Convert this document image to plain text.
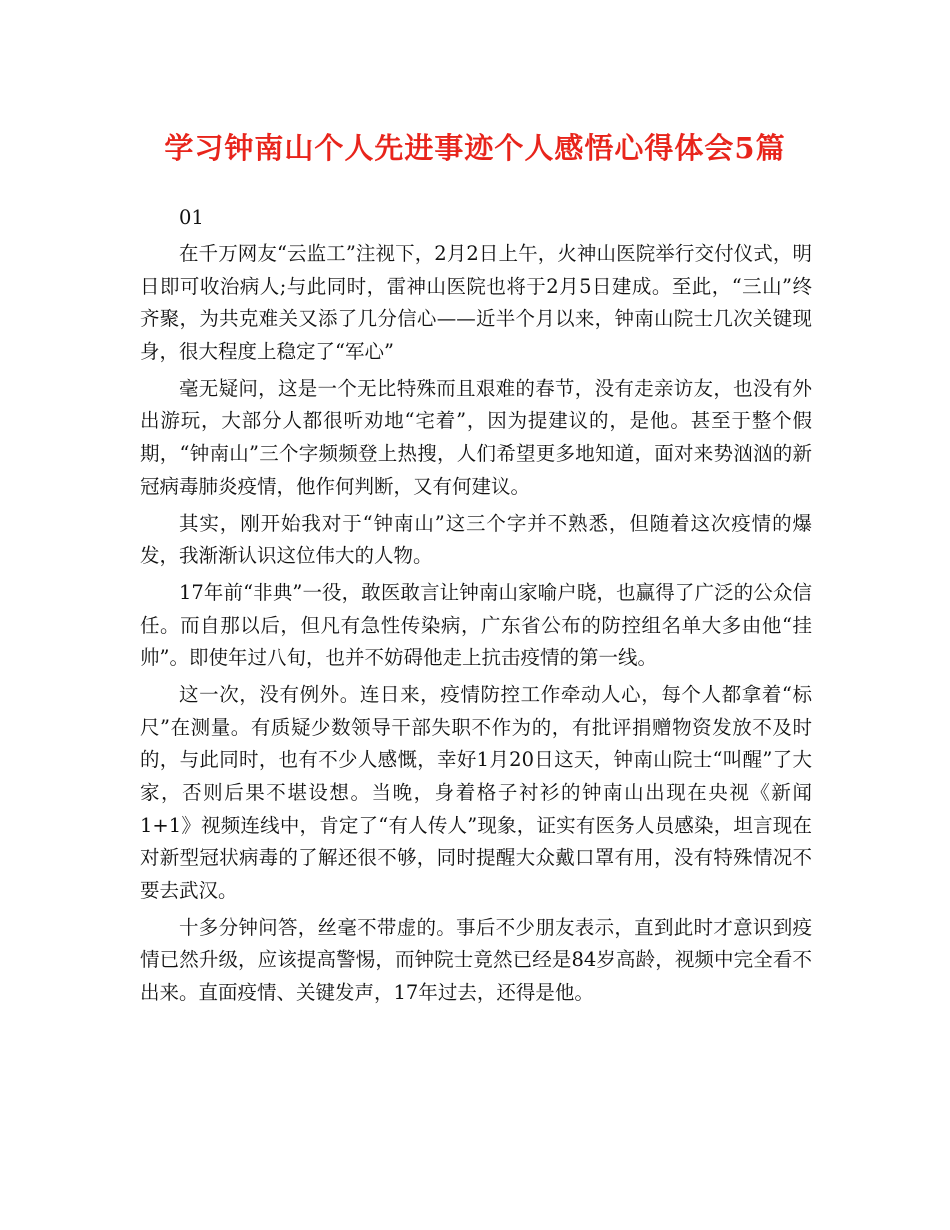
学习钟南山个人先进事迹个人感悟心得体会5篇

01

在千万网友“云监工”注视下，2月2日上午，火神山医院举行交付仪式，明日即可收治病人;与此同时，雷神山医院也将于2月5日建成。至此，“三山”终齐聚，为共克难关又添了几分信心——近半个月以来，钟南山院士几次关键现身，很大程度上稳定了“军心”

毫无疑问，这是一个无比特殊而且艰难的春节，没有走亲访友，也没有外出游玩，大部分人都很听劝地“宅着”，因为提建议的，是他。甚至于整个假期，“钟南山”三个字频频登上热搜，人们希望更多地知道，面对来势汹汹的新冠病毒肺炎疫情，他作何判断，又有何建议。

其实，刚开始我对于“钟南山”这三个字并不熟悉，但随着这次疫情的爆发，我渐渐认识这位伟大的人物。

17年前“非典”一役，敢医敢言让钟南山家喻户晓，也赢得了广泛的公众信任。而自那以后，但凡有急性传染病，广东省公布的防控组名单大多由他“挂帅”。即使年过八旬，也并不妨碍他走上抗击疫情的第一线。

这一次，没有例外。连日来，疫情防控工作牵动人心，每个人都拿着“标尺”在测量。有质疑少数领导干部失职不作为的，有批评捐赠物资发放不及时的，与此同时，也有不少人感慨，幸好1月20日这天，钟南山院士“叫醒”了大家，否则后果不堪设想。当晚，身着格子衬衫的钟南山出现在央视《新闻1+1》视频连线中，肯定了“有人传人”现象，证实有医务人员感染，坦言现在对新型冠状病毒的了解还很不够，同时提醒大众戴口罩有用，没有特殊情况不要去武汉。

十多分钟问答，丝毫不带虚的。事后不少朋友表示，直到此时才意识到疫情已然升级，应该提高警惕，而钟院士竟然已经是84岁高龄，视频中完全看不出来。直面疫情、关键发声，17年过去，还得是他。
